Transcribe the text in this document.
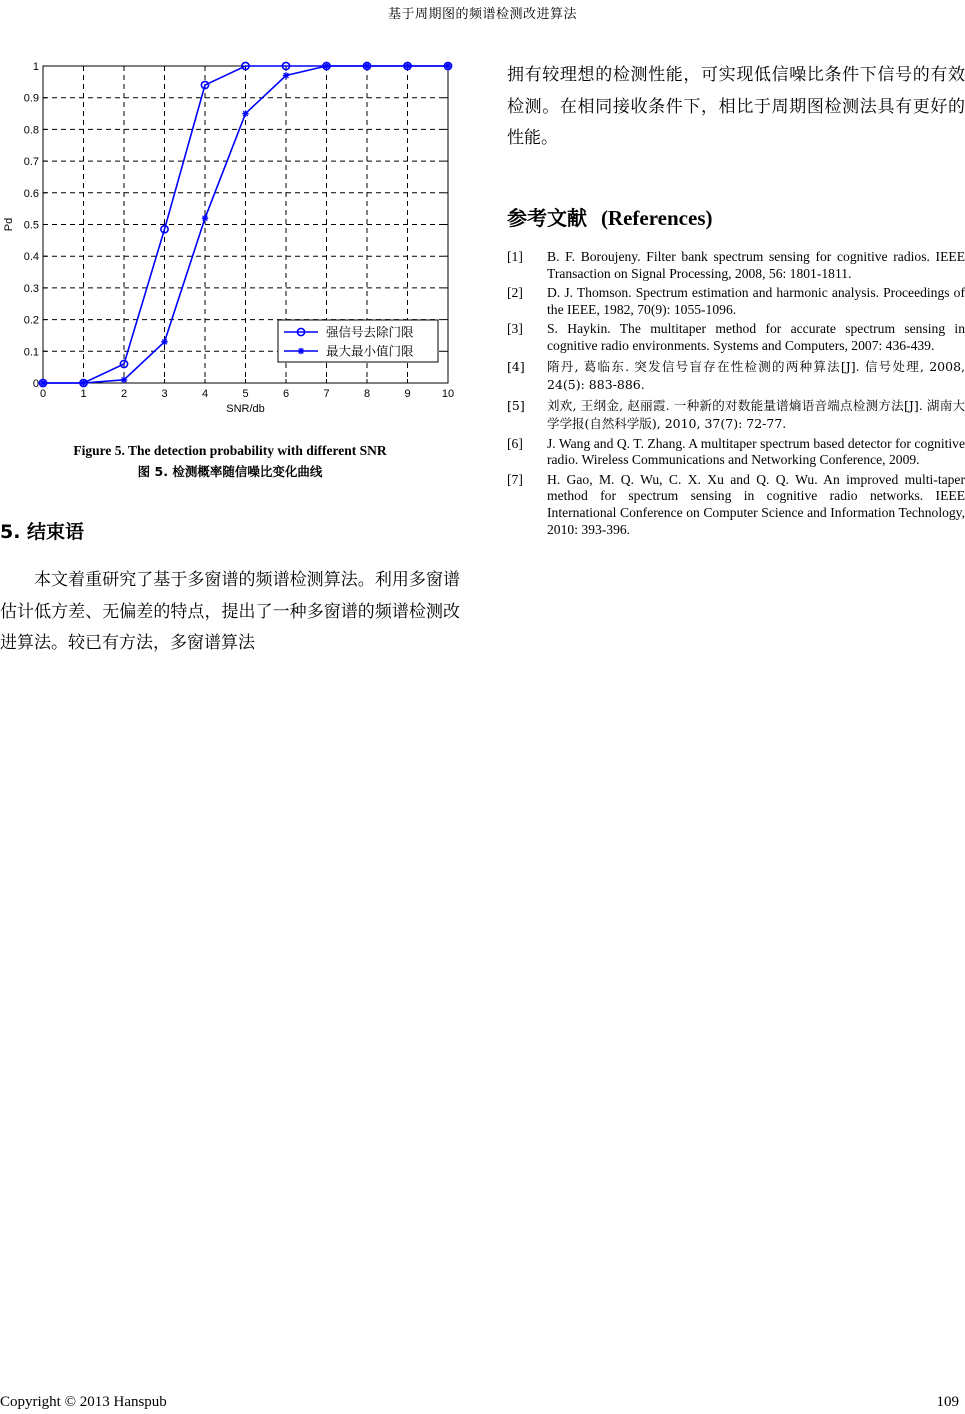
基于周期图的频谱检测改进算法
0	1	2	3	4	5	6	7	8	9	10
0
0.1
0.2
0.3
0.4
0.5
0.6
0.7
0.8
0.9
1
SNR/db
Pd
强信号去除门限
最大最小值门限
Figure 5. The detection probability with different SNR
图 5. 检测概率随信噪比变化曲线
5. 结束语
本文着重研究了基于多窗谱的频谱检测算法。利用多窗谱估计低方差、无偏差的特点，提出了一种多窗谱的频谱检测改进算法。较已有方法，多窗谱算法
拥有较理想的检测性能，可实现低信噪比条件下信号的有效检测。在相同接收条件下，相比于周期图检测法具有更好的性能。
参考文献 (References)
[1]	B. F. Boroujeny. Filter bank spectrum sensing for cognitive radios. IEEE Transaction on Signal Processing, 2008, 56: 1801-1811.
[2]	D. J. Thomson. Spectrum estimation and harmonic analysis. Proceedings of the IEEE, 1982, 70(9): 1055-1096.
[3]	S. Haykin. The multitaper method for accurate spectrum sensing in cognitive radio environments. Systems and Computers, 2007: 436-439.
[4]	隋丹, 葛临东. 突发信号盲存在性检测的两种算法[J]. 信号处理, 2008, 24(5): 883-886.
[5]	刘欢, 王纲金, 赵丽霞. 一种新的对数能量谱熵语音端点检测方法[J]. 湖南大学学报(自然科学版), 2010, 37(7): 72-77.
[6]	J. Wang and Q. T. Zhang. A multitaper spectrum based detector for cognitive radio. Wireless Communications and Networking Conference, 2009.
[7]	H. Gao, M. Q. Wu, C. X. Xu and Q. Q. Wu. An improved multi-taper method for spectrum sensing in cognitive radio networks. IEEE International Conference on Computer Science and Information Technology, 2010: 393-396.
Copyright © 2013 Hanspub	109
